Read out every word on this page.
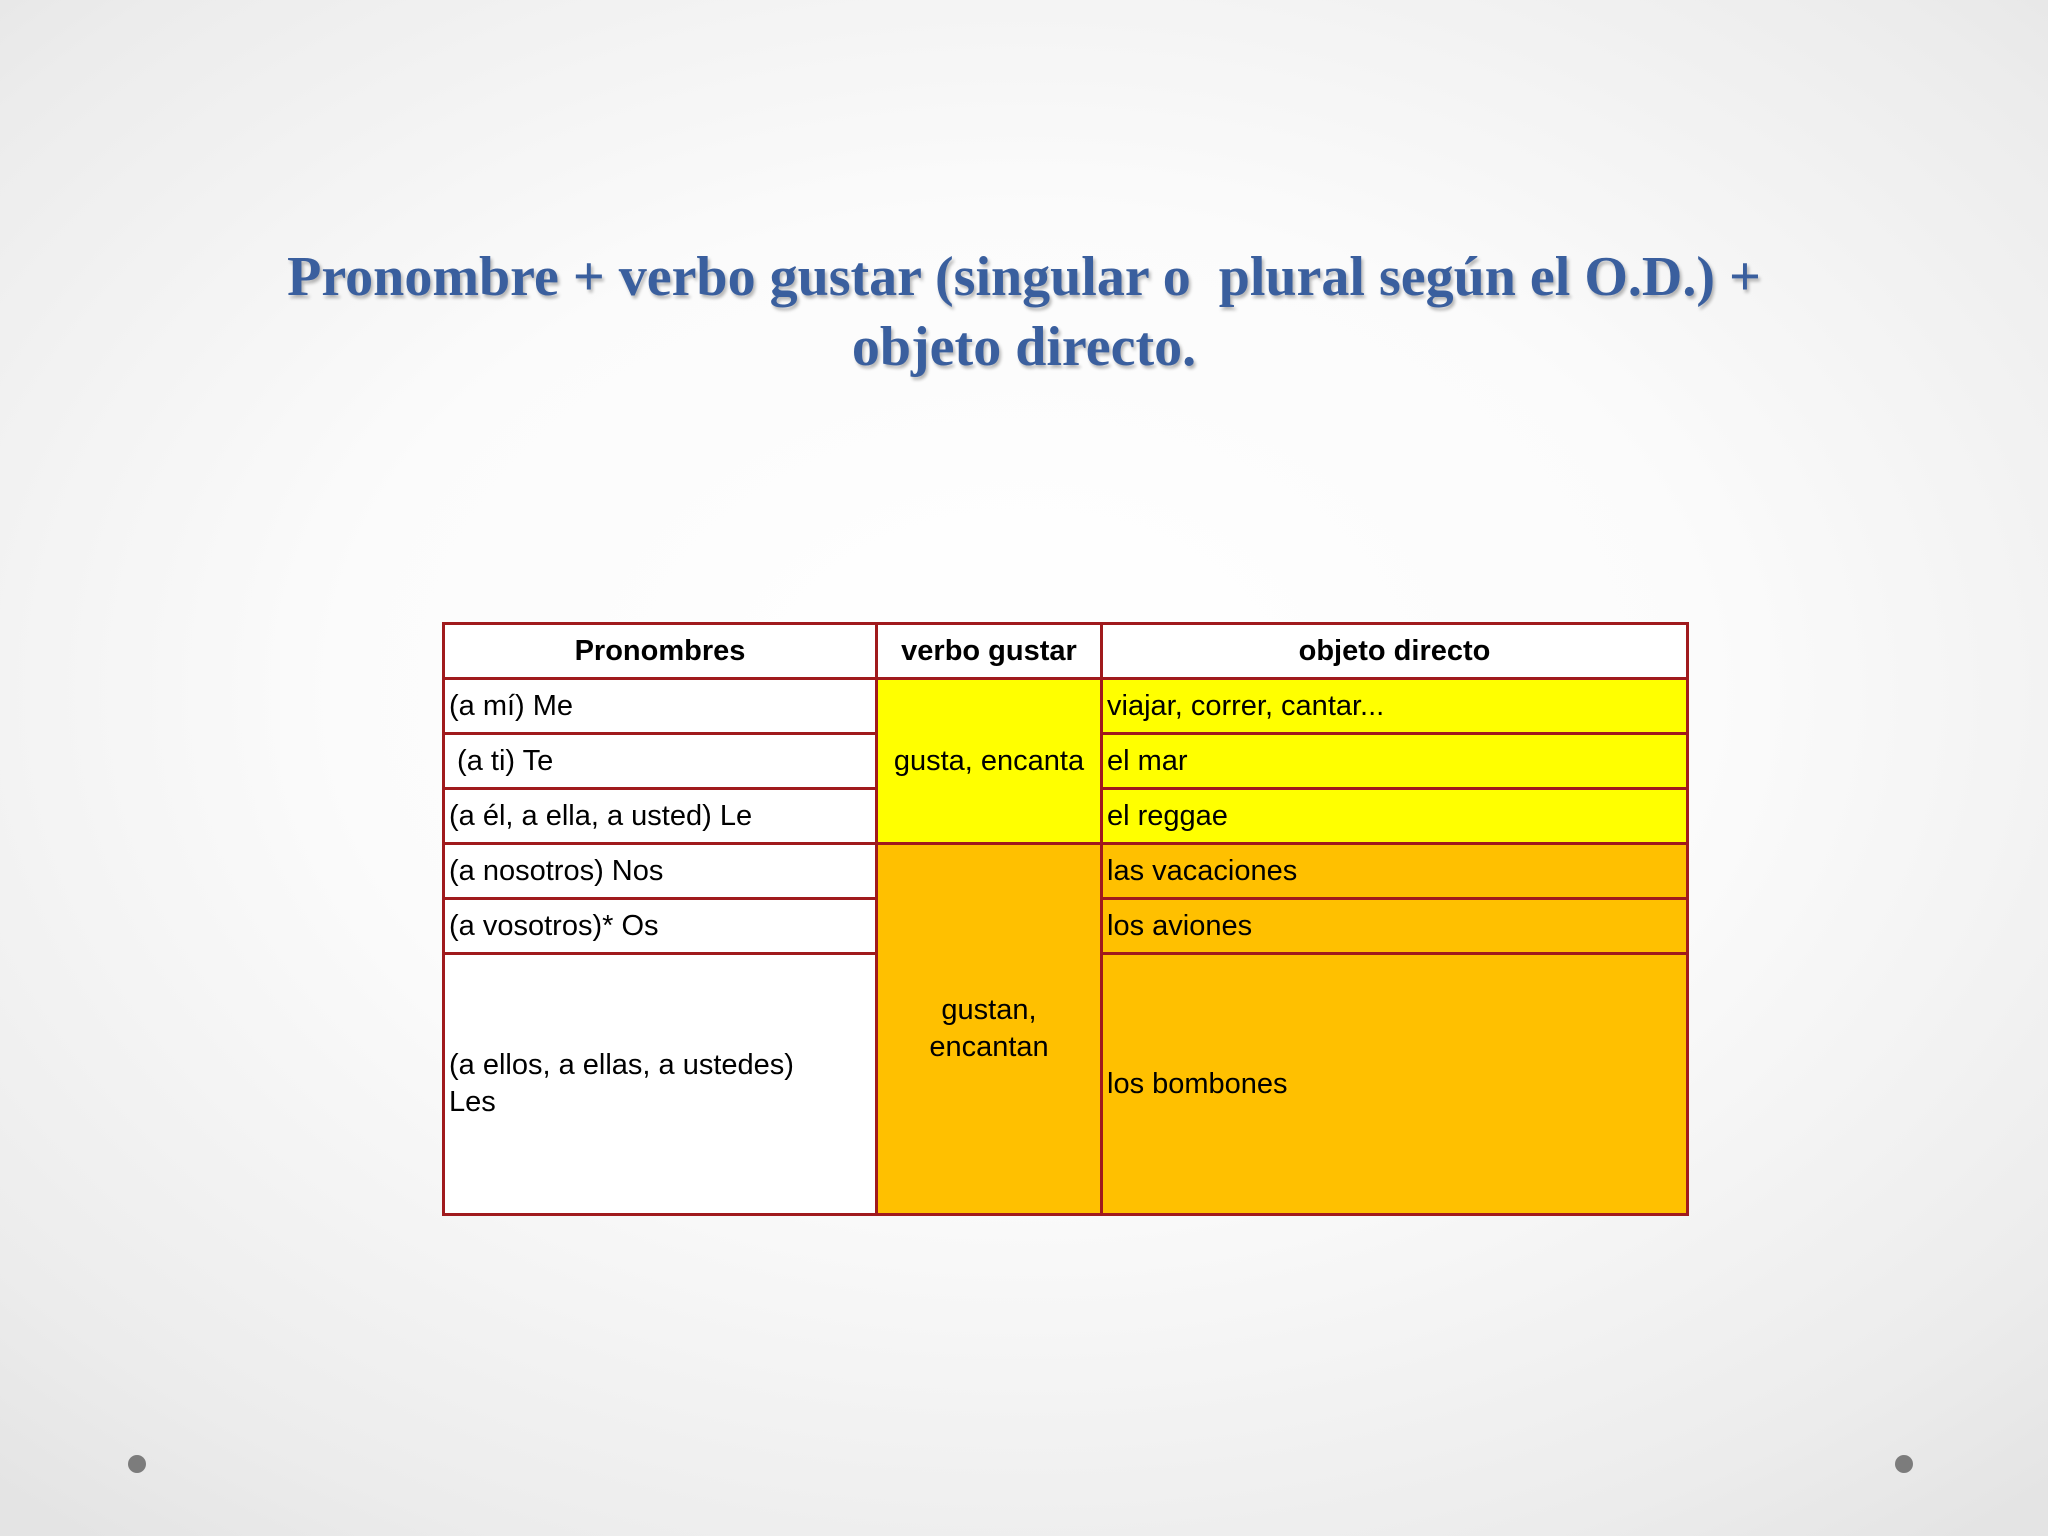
Pronombre + verbo gustar (singular o  plural según el O.D.) +
objeto directo.
Pronombres	verbo gustar	objeto directo
(a mí) Me	gusta, encanta	viajar, correr, cantar...
(a ti) Te		el mar
(a él, a ella, a usted) Le		el reggae
(a nosotros) Nos	gustan, encantan	las vacaciones
(a vosotros)* Os		los aviones

(a ellos, a ellas, a ustedes) Les		los bombones
